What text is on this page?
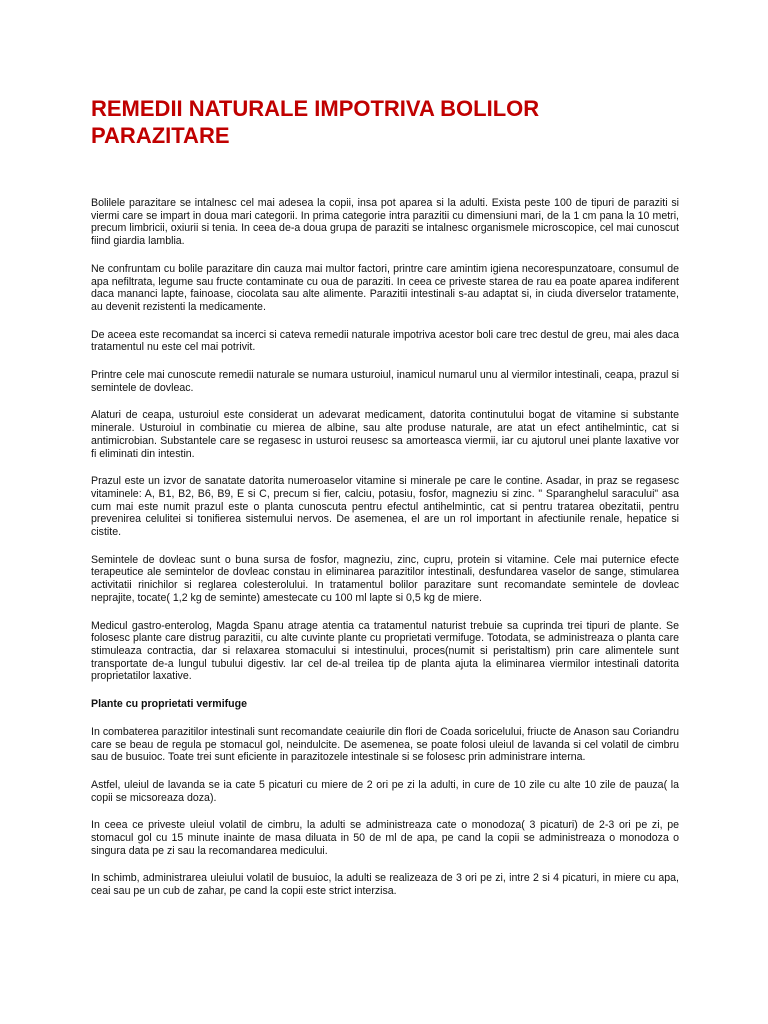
REMEDII NATURALE IMPOTRIVA BOLILOR PARAZITARE

Bolilele parazitare se intalnesc cel mai adesea la copii, insa pot aparea si la adulti. Exista peste 100 de tipuri de paraziti si viermi care se impart in doua mari categorii. In prima categorie intra parazitii cu dimensiuni mari, de la 1 cm pana la 10 metri, precum limbricii, oxiurii si tenia. In ceea de-a doua grupa de paraziti se intalnesc organismele microscopice, cel mai cunoscut fiind giardia lamblia.

Ne confruntam cu bolile parazitare din cauza mai multor factori, printre care amintim igiena necorespunzatoare, consumul de apa nefiltrata, legume sau fructe contaminate cu oua de paraziti. In ceea ce priveste starea de rau ea poate aparea indiferent daca mananci lapte, fainoase, ciocolata sau alte alimente. Parazitii intestinali s-au adaptat si, in ciuda diverselor tratamente, au devenit rezistenti la medicamente.

De aceea este recomandat sa incerci si cateva remedii naturale impotriva acestor boli care trec destul de greu, mai ales daca tratamentul nu este cel mai potrivit.

Printre cele mai cunoscute remedii naturale se numara usturoiul, inamicul numarul unu al viermilor intestinali, ceapa, prazul si semintele de dovleac.

Alaturi de ceapa, usturoiul este considerat un adevarat medicament, datorita continutului bogat de vitamine si substante minerale. Usturoiul in combinatie cu mierea de albine, sau alte produse naturale, are atat un efect antihelmintic, cat si antimicrobian. Substantele care se regasesc in usturoi reusesc sa amorteasca viermii, iar cu ajutorul unei plante laxative vor fi eliminati din intestin.

Prazul este un izvor de sanatate datorita numeroaselor vitamine si minerale pe care le contine. Asadar, in praz se regasesc vitaminele: A, B1, B2, B6, B9, E si C, precum si fier, calciu, potasiu, fosfor, magneziu si zinc. " Sparanghelul saracului" asa cum mai este numit prazul este o planta cunoscuta pentru efectul antihelmintic, cat si pentru tratarea obezitatii, pentru prevenirea celulitei si tonifierea sistemului nervos. De asemenea, el are un rol important in afectiunile renale, hepatice si cistite.

Semintele de dovleac sunt o buna sursa de fosfor, magneziu, zinc, cupru, protein si vitamine. Cele mai puternice efecte terapeutice ale semintelor de dovleac constau in eliminarea parazitilor intestinali, desfundarea vaselor de sange, stimularea activitatii rinichilor si reglarea colesterolului. In tratamentul bolilor parazitare sunt recomandate semintele de dovleac neprajite, tocate( 1,2 kg de seminte) amestecate cu 100 ml lapte si 0,5 kg de miere.

Medicul gastro-enterolog, Magda Spanu atrage atentia ca tratamentul naturist trebuie sa cuprinda trei tipuri de plante. Se folosesc plante care distrug parazitii, cu alte cuvinte plante cu proprietati vermifuge. Totodata, se administreaza o planta care stimuleaza contractia, dar si relaxarea stomacului si intestinului, proces(numit si peristaltism) prin care alimentele sunt transportate de-a lungul tubului digestiv. Iar cel de-al treilea tip de planta ajuta la eliminarea viermilor intestinali datorita proprietatilor laxative.

Plante cu proprietati vermifuge

In combaterea parazitilor intestinali sunt recomandate ceaiurile din flori de Coada soricelului, friucte de Anason sau Coriandru care se beau de regula pe stomacul gol, neindulcite. De asemenea, se poate folosi uleiul de lavanda si cel volatil de cimbru sau de busuioc. Toate trei sunt eficiente in parazitozele intestinale si se folosesc prin administrare interna.

Astfel, uleiul de lavanda se ia cate 5 picaturi cu miere de 2 ori pe zi la adulti, in cure de 10 zile cu alte 10 zile de pauza( la copii se micsoreaza doza).

In ceea ce priveste uleiul volatil de cimbru, la adulti se administreaza cate o monodoza( 3 picaturi) de 2-3 ori pe zi, pe stomacul gol cu 15 minute inainte de masa diluata in 50 de ml de apa, pe cand la copii se administreaza o monodoza o singura data pe zi sau la recomandarea medicului.

In schimb, administrarea uleiului volatil de busuioc, la adulti se realizeaza de 3 ori pe zi, intre 2 si 4 picaturi, in miere cu apa, ceai sau pe un cub de zahar, pe cand la copii este strict interzisa.
